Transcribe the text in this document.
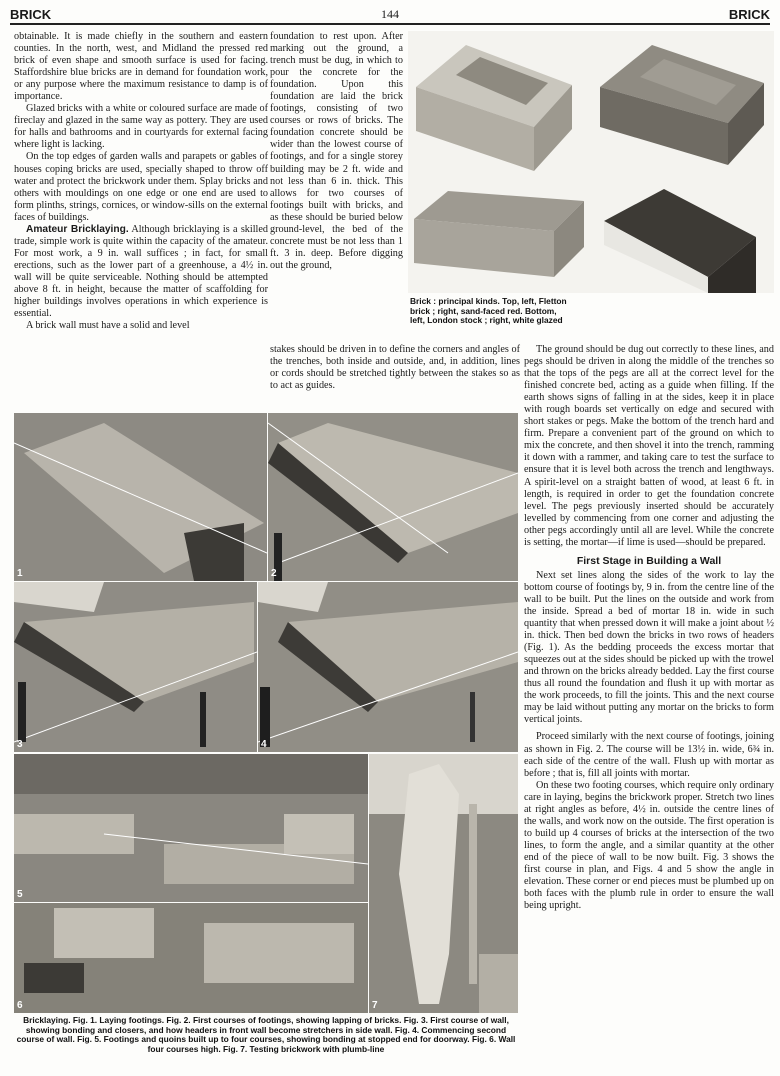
BRICK	144	BRICK

obtainable. It is made chiefly in the southern and eastern counties. In the north, west, and Midland the pressed red brick of even shape and smooth surface is used for facing. Staffordshire blue bricks are in demand for foundation work, or any purpose where the maximum resistance to damp is of importance.

Glazed bricks with a white or coloured surface are made of fireclay and glazed in the same way as pottery. They are used for halls and bathrooms and in courtyards for external facing where light is lacking.

On the top edges of garden walls and parapets or gables of houses coping bricks are used, specially shaped to throw off water and protect the brickwork under them. Splay bricks and others with mouldings on one edge or one end are used to form plinths, strings, cornices, or window-sills on the external faces of buildings.

Amateur Bricklaying. Although bricklaying is a skilled trade, simple work is quite within the capacity of the amateur. For most work, a 9 in. wall suffices ; in fact, for small erections, such as the lower part of a greenhouse, a 4½ in. wall will be quite serviceable. Nothing should be attempted above 8 ft. in height, because the matter of scaffolding for higher buildings involves operations in which experience is essential.

A brick wall must have a solid and level

foundation to rest upon. After marking out the ground, a trench must be dug, in which to pour the concrete for the foundation. Upon this foundation are laid the brick footings, consisting of two courses or rows of bricks. The foundation concrete should be wider than the lowest course of footings, and for a single storey building may be 2 ft. wide and not less than 6 in. thick. This allows for two courses of footings built with bricks, and as these should be buried below ground-level, the bed of the concrete must be not less than 1 ft. 3 in. deep. Before digging out the ground,

stakes should be driven in to define the corners and angles of the trenches, both inside and outside, and, in addition, lines or cords should be stretched tightly between the stakes so as to act as guides.

Brick : principal kinds. Top, left, Fletton brick ; right, sand-faced red. Bottom, left, London stock ; right, white glazed

The ground should be dug out correctly to these lines, and pegs should be driven in along the middle of the trenches so that the tops of the pegs are all at the correct level for the finished concrete bed, acting as a guide when filling. If the earth shows signs of falling in at the sides, keep it in place with rough boards set vertically on edge and secured with short stakes or pegs. Make the bottom of the trench hard and firm. Prepare a convenient part of the ground on which to mix the concrete, and then shovel it into the trench, ramming it down with a rammer, and taking care to test the surface to ensure that it is level both across the trench and lengthways. A spirit-level on a straight batten of wood, at least 6 ft. in length, is required in order to get the foundation concrete level. The pegs previously inserted should be accurately levelled by commencing from one corner and adjusting the other pegs accordingly until all are level. While the concrete is setting, the mortar—if lime is used—should be prepared.

First Stage in Building a Wall

Next set lines along the sides of the work to lay the bottom course of footings by, 9 in. from the centre line of the wall to be built. Put the lines on the outside and work from the inside. Spread a bed of mortar 18 in. wide in such quantity that when pressed down it will make a joint about ½ in. thick. Then bed down the bricks in two rows of headers (Fig. 1). As the bedding proceeds the excess mortar that squeezes out at the sides should be picked up with the trowel and thrown on the bricks already bedded. Lay the first course thus all round the foundation and flush it up with mortar as the work proceeds, to fill the joints. This and the next course may be laid without putting any mortar on the bricks to form vertical joints.

Proceed similarly with the next course of footings, joining as shown in Fig. 2. The course will be 13½ in. wide, 6¾ in. each side of the centre of the wall. Flush up with mortar as before ; that is, fill all joints with mortar.

On these two footing courses, which require only ordinary care in laying, begins the brickwork proper. Stretch two lines at right angles as before, 4½ in. outside the centre lines of the walls, and work now on the outside. The first operation is to build up 4 courses of bricks at the intersection of the two lines, to form the angle, and a similar quantity at the other end of the piece of wall to be now built. Fig. 3 shows the first course in plan, and Figs. 4 and 5 show the angle in elevation. These corner or end pieces must be plumbed up on both faces with the plumb rule in order to ensure the wall being upright.

1	2
3	4
5
6	7
Bricklaying. Fig. 1. Laying footings. Fig. 2. First courses of footings, showing lapping of bricks. Fig. 3. First course of wall, showing bonding and closers, and how headers in front wall become stretchers in side wall. Fig. 4. Commencing second course of wall. Fig. 5. Footings and quoins built up to four courses, showing bonding at stopped end for doorway. Fig. 6. Wall four courses high. Fig. 7. Testing brickwork with plumb-line
